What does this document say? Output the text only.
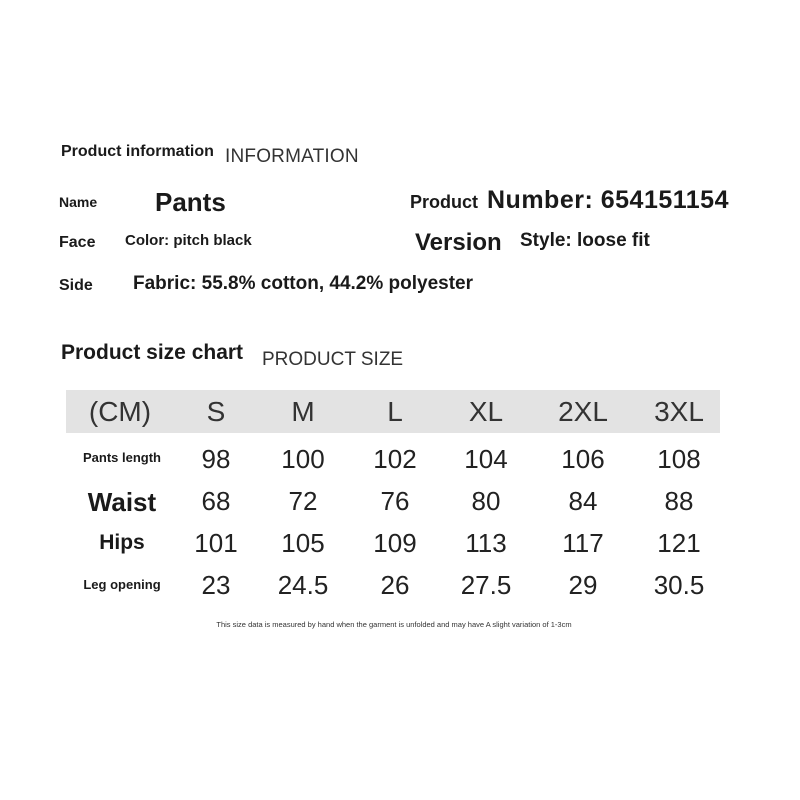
Product information INFORMATION
Name Pants	Product Number: 654151154
Face Color: pitch black	Version Style: loose fit
Side Fabric: 55.8% cotton, 44.2% polyester
Product size chart PRODUCT SIZE
(CM)	S	M	L	XL	2XL	3XL
Pants length	98	100	102	104	106	108
Waist	68	72	76	80	84	88
Hips	101	105	109	113	117	121
Leg opening	23	24.5	26	27.5	29	30.5
This size data is measured by hand when the garment is unfolded and may have A slight variation of 1-3cm
